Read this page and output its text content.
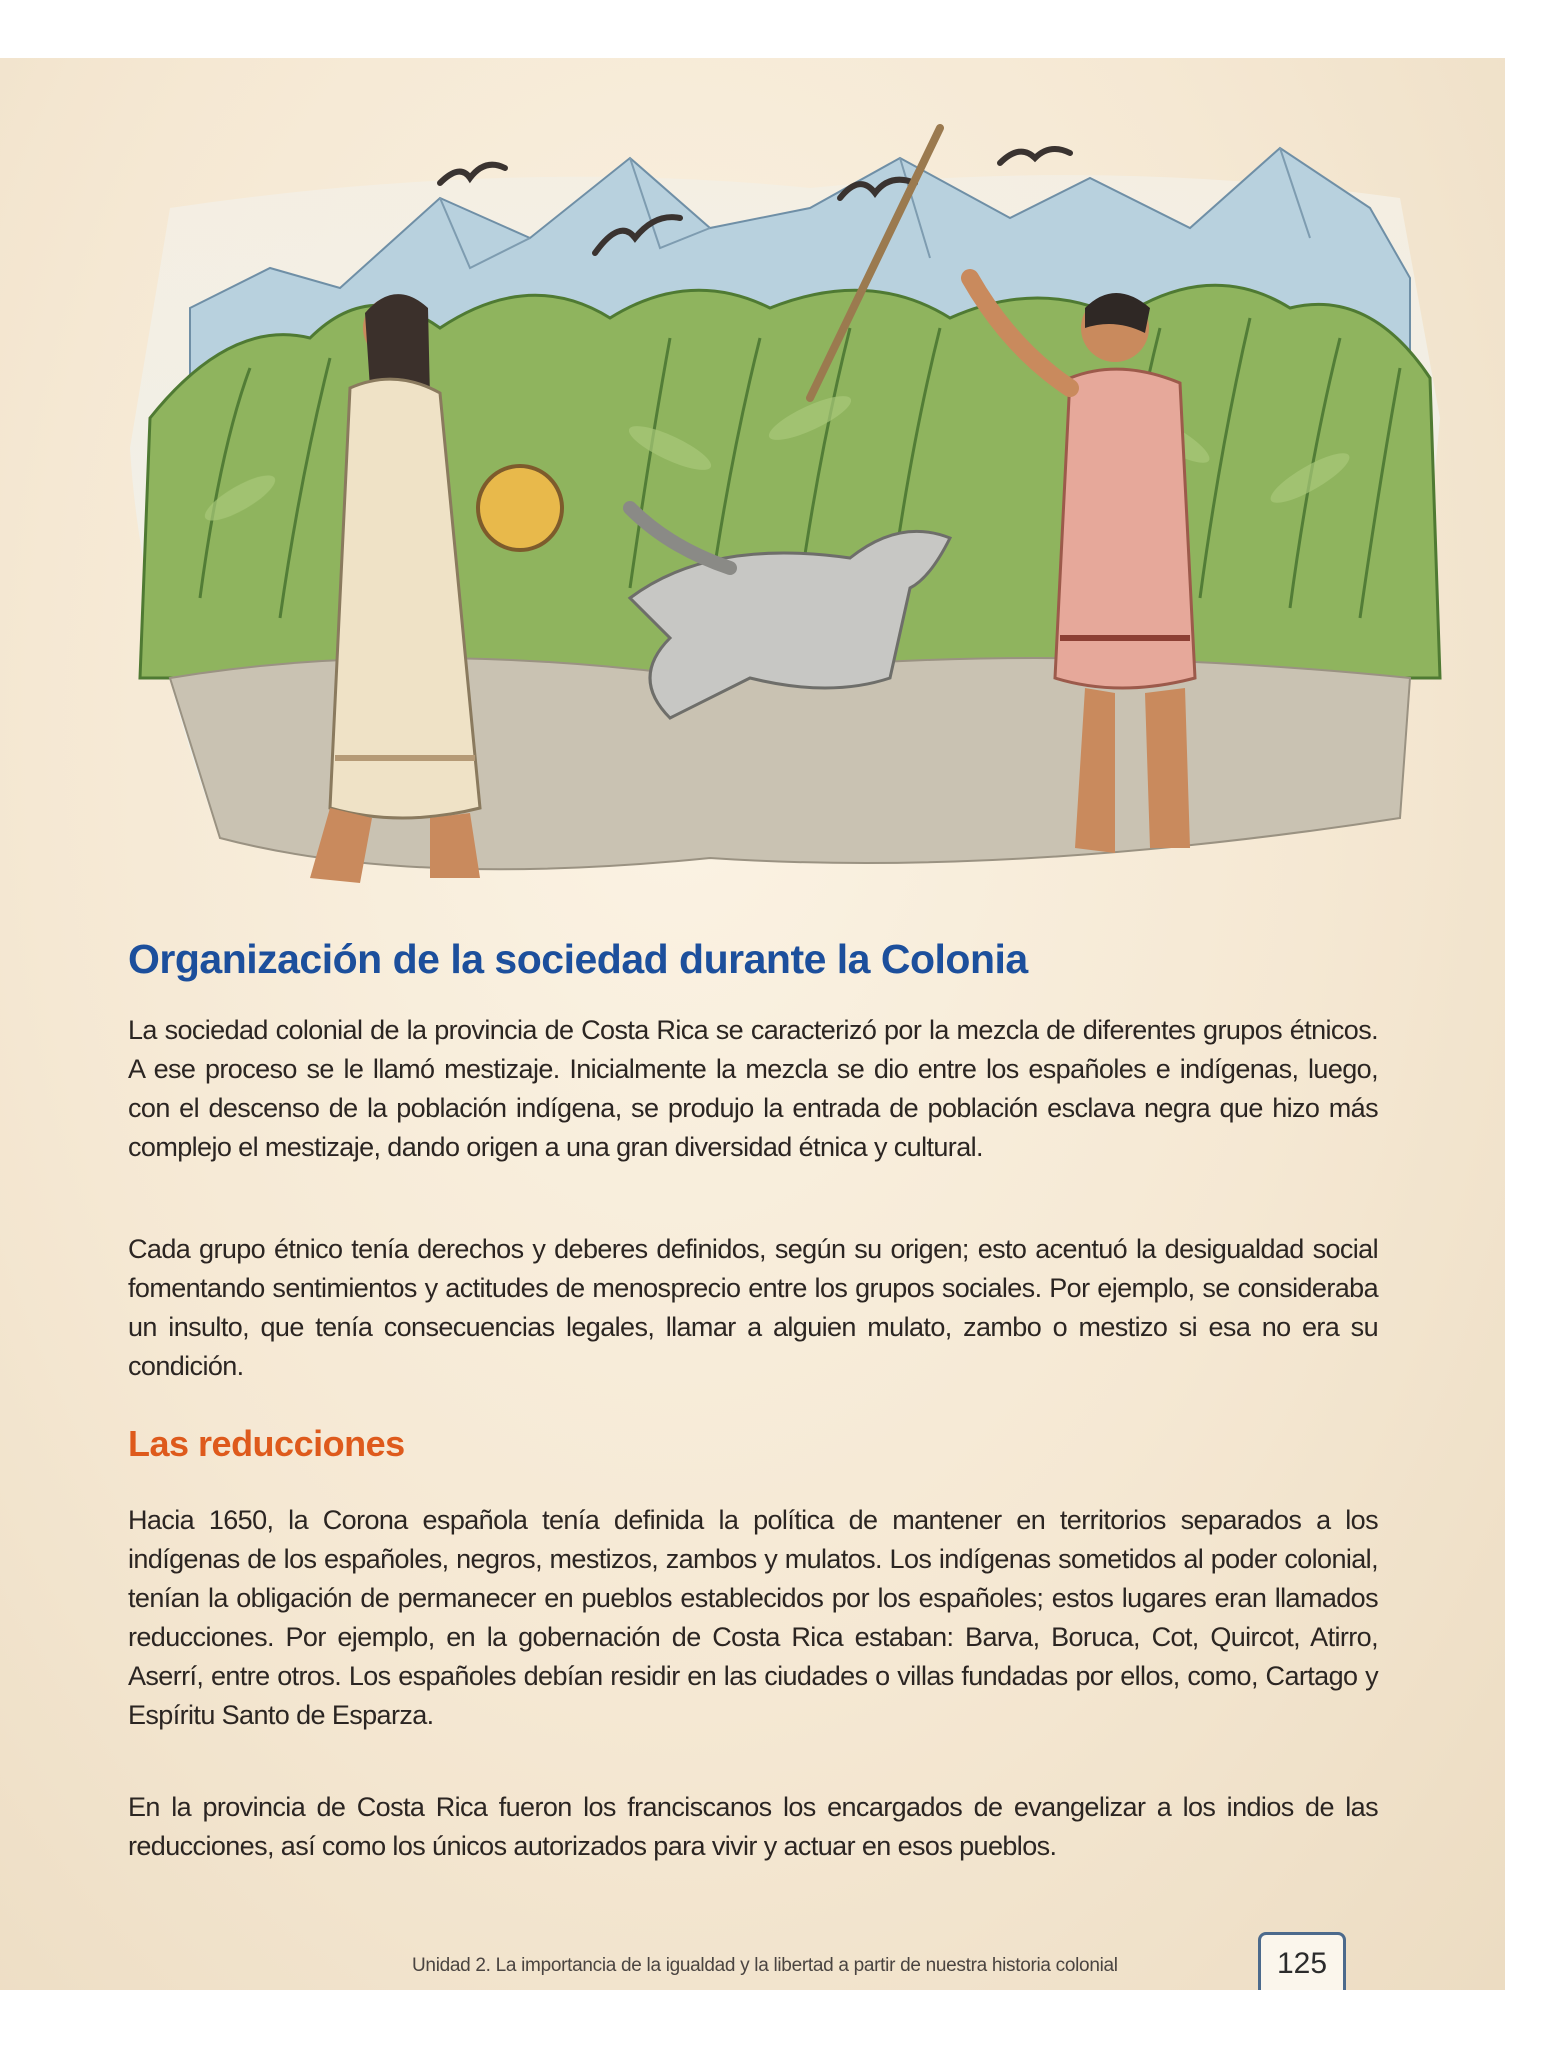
Organización de la sociedad durante la Colonia

La sociedad colonial de la provincia de Costa Rica se caracterizó por la mezcla de diferentes grupos étnicos. A ese proceso se le llamó mestizaje. Inicialmente la mezcla se dio entre los españoles e indígenas, luego, con el descenso de la población indígena, se produjo la entrada de población esclava negra que hizo más complejo el mestizaje, dando origen a una gran diversidad étnica y cultural.

Cada grupo étnico tenía derechos y deberes definidos, según su origen; esto acentuó la desigualdad social fomentando sentimientos y actitudes de menosprecio entre los grupos sociales. Por ejemplo, se consideraba un insulto, que tenía consecuencias legales, llamar a alguien mulato, zambo o mestizo si esa no era su condición.

Las reducciones

Hacia 1650, la Corona española tenía definida la política de mantener en territorios separados a los indígenas de los españoles, negros, mestizos, zambos y mulatos. Los indígenas sometidos al poder colonial, tenían la obligación de permanecer en pueblos establecidos por los españoles; estos lugares eran llamados reducciones. Por ejemplo, en la gobernación de Costa Rica estaban: Barva, Boruca, Cot, Quircot, Atirro, Aserrí, entre otros. Los españoles debían residir en las ciudades o villas fundadas por ellos, como, Cartago y Espíritu Santo de Esparza.

En la provincia de Costa Rica fueron los franciscanos los encargados de evangelizar a los indios de las reducciones, así como los únicos autorizados para vivir y actuar en esos pueblos.

Unidad 2. La importancia de la igualdad y la libertad a partir de nuestra historia colonial	125
